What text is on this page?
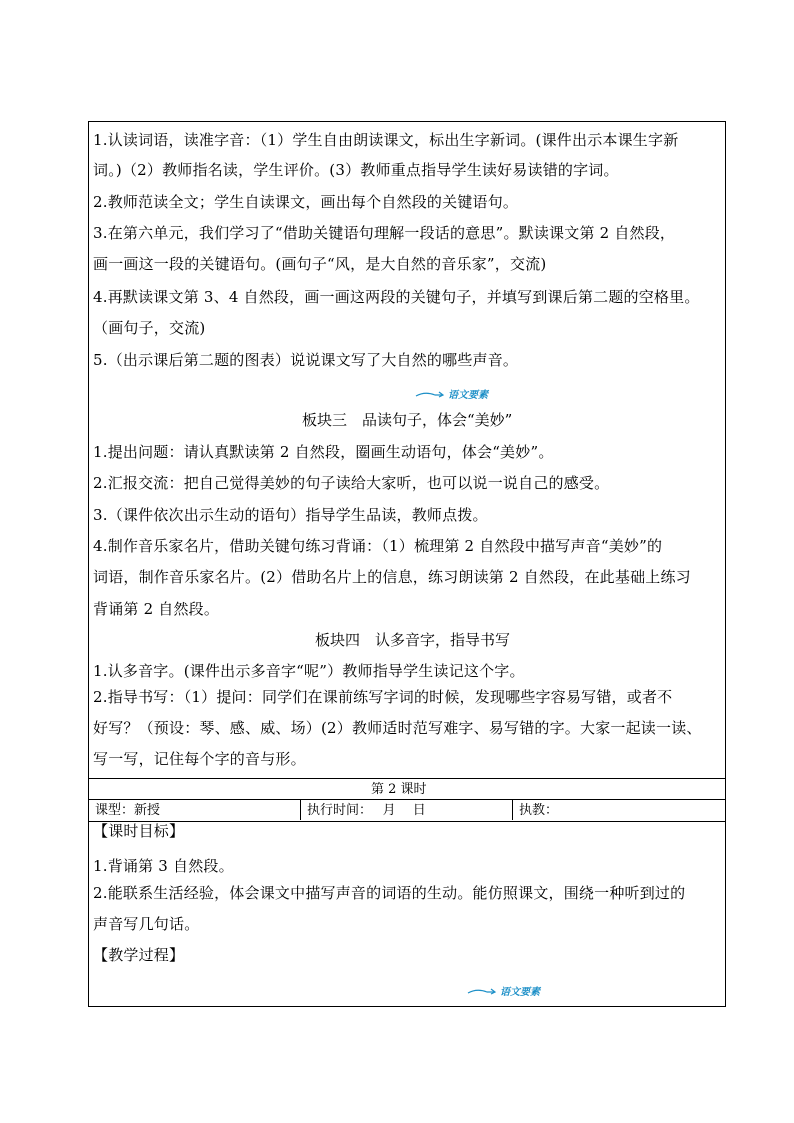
1.认读词语，读准字音：（1）学生自由朗读课文，标出生字新词。(课件出示本课生字新
词。)（2）教师指名读，学生评价。(3）教师重点指导学生读好易读错的字词。
2.教师范读全文；学生自读课文，画出每个自然段的关键语句。
3.在第六单元，我们学习了“借助关键语句理解一段话的意思”。默读课文第 2 自然段，
画一画这一段的关键语句。(画句子“风，是大自然的音乐家”，交流)
4.再默读课文第 3、4 自然段，画一画这两段的关键句子，并填写到课后第二题的空格里。
（画句子，交流)
5.（出示课后第二题的图表）说说课文写了大自然的哪些声音。
语文要素
板块三　品读句子，体会“美妙”
1.提出问题：请认真默读第 2 自然段，圈画生动语句，体会“美妙”。
2.汇报交流：把自己觉得美妙的句子读给大家听，也可以说一说自己的感受。
3.（课件依次出示生动的语句）指导学生品读，教师点拨。
4.制作音乐家名片，借助关键句练习背诵：（1）梳理第 2 自然段中描写声音“美妙”的
词语，制作音乐家名片。(2）借助名片上的信息，练习朗读第 2 自然段，在此基础上练习
背诵第 2 自然段。
板块四　认多音字，指导书写
1.认多音字。(课件出示多音字“呢”）教师指导学生读记这个字。
2.指导书写：（1）提问：同学们在课前练写字词的时候，发现哪些字容易写错，或者不
好写？（预设：琴、感、威、场）(2）教师适时范写难字、易写错的字。大家一起读一读、
写一写，记住每个字的音与形。
第 2 课时
课型：新授	执行时间：　 月　 日	执教：
【课时目标】
1.背诵第 3 自然段。
2.能联系生活经验，体会课文中描写声音的词语的生动。能仿照课文，围绕一种听到过的
声音写几句话。
【教学过程】
语文要素
